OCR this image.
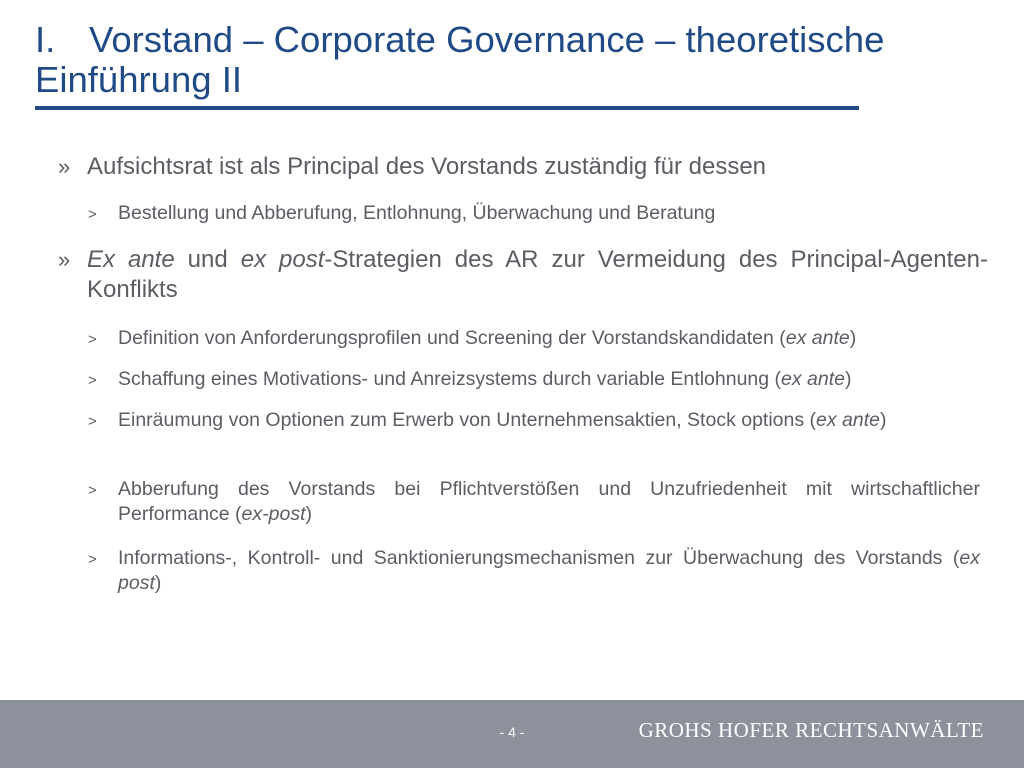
I. Vorstand – Corporate Governance – theoretische
Einführung II
» Aufsichtsrat ist als Principal des Vorstands zuständig für dessen
> Bestellung und Abberufung, Entlohnung, Überwachung und Beratung
» Ex ante und ex post-Strategien des AR zur Vermeidung des Principal-Agenten-Konflikts
> Definition von Anforderungsprofilen und Screening der Vorstandskandidaten (ex ante)
> Schaffung eines Motivations- und Anreizsystems durch variable Entlohnung (ex ante)
> Einräumung von Optionen zum Erwerb von Unternehmensaktien, Stock options (ex ante)
> Abberufung des Vorstands bei Pflichtverstößen und Unzufriedenheit mit wirtschaftlicher Performance (ex-post)
> Informations-, Kontroll- und Sanktionierungsmechanismen zur Überwachung des Vorstands (ex post)
- 4 -	GROHS HOFER RECHTSANWÄLTE
